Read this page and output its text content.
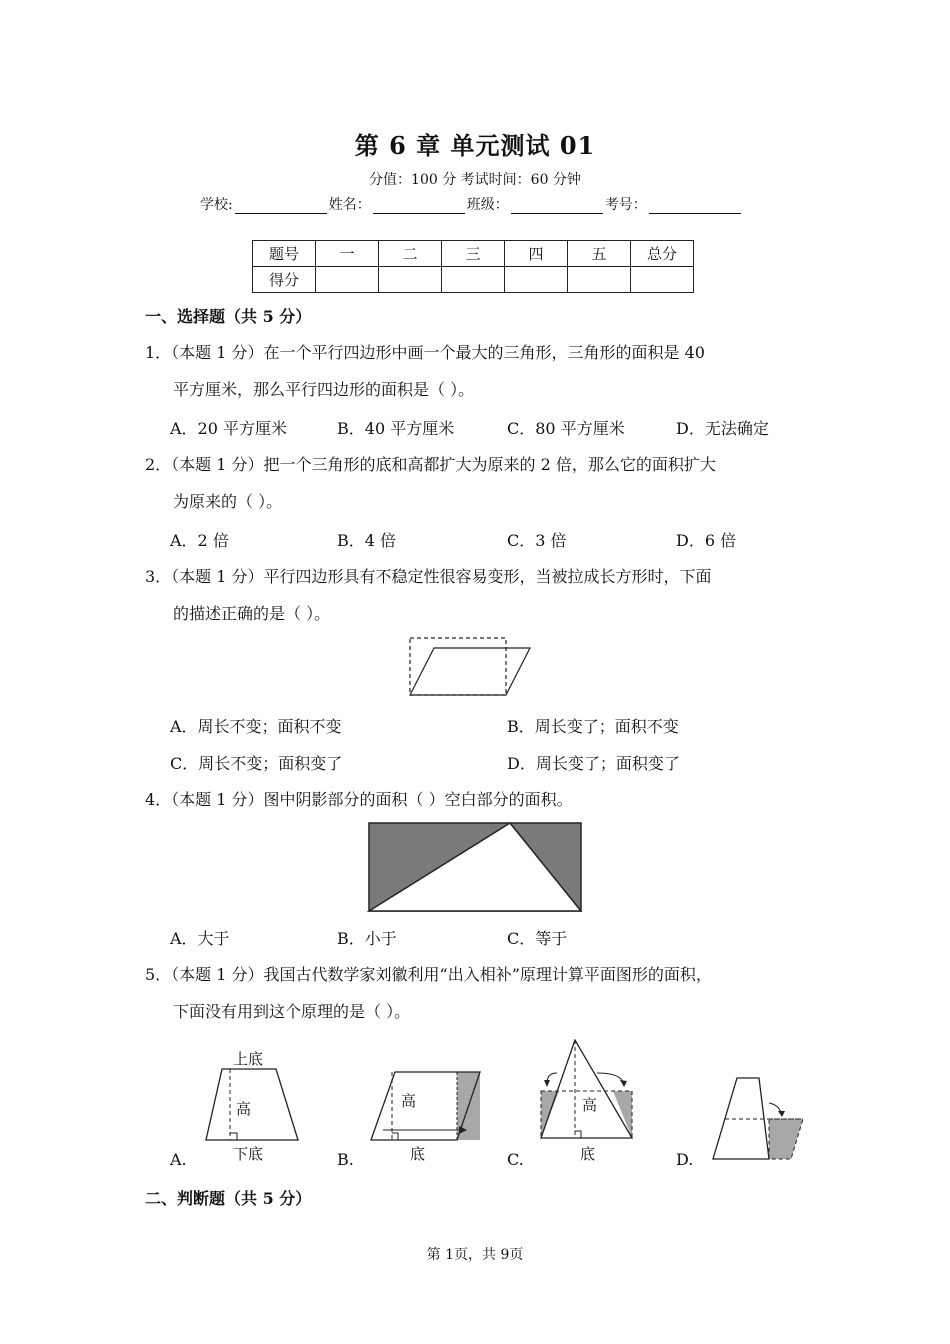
第 6 章 单元测试 01
分值：100 分 考试时间：60 分钟
学校:	姓名：	班级：	考号：
题号	一	二	三	四	五	总分
得分						
一、选择题（共 5 分）
1．（本题 1 分）在一个平行四边形中画一个最大的三角形，三角形的面积是 40
平方厘米，那么平行四边形的面积是（ ）。
A．20 平方厘米	B．40 平方厘米	C．80 平方厘米	D．无法确定
2．（本题 1 分）把一个三角形的底和高都扩大为原来的 2 倍，那么它的面积扩大
为原来的（ ）。
A．2 倍	B．4 倍	C．3 倍	D．6 倍
3．（本题 1 分）平行四边形具有不稳定性很容易变形，当被拉成长方形时，下面
的描述正确的是（ ）。
A．周长不变；面积不变	B．周长变了；面积不变
C．周长不变；面积变了	D．周长变了；面积变了
4．（本题 1 分）图中阴影部分的面积（ ）空白部分的面积。
A．大于	B．小于	C．等于
5．（本题 1 分）我国古代数学家刘徽利用“出入相补”原理计算平面图形的面积，
下面没有用到这个原理的是（ ）。
上底
高
下底
A.
高
底
B.
高
底
C.	D.
二、判断题（共 5 分）
第 1页，共 9页
